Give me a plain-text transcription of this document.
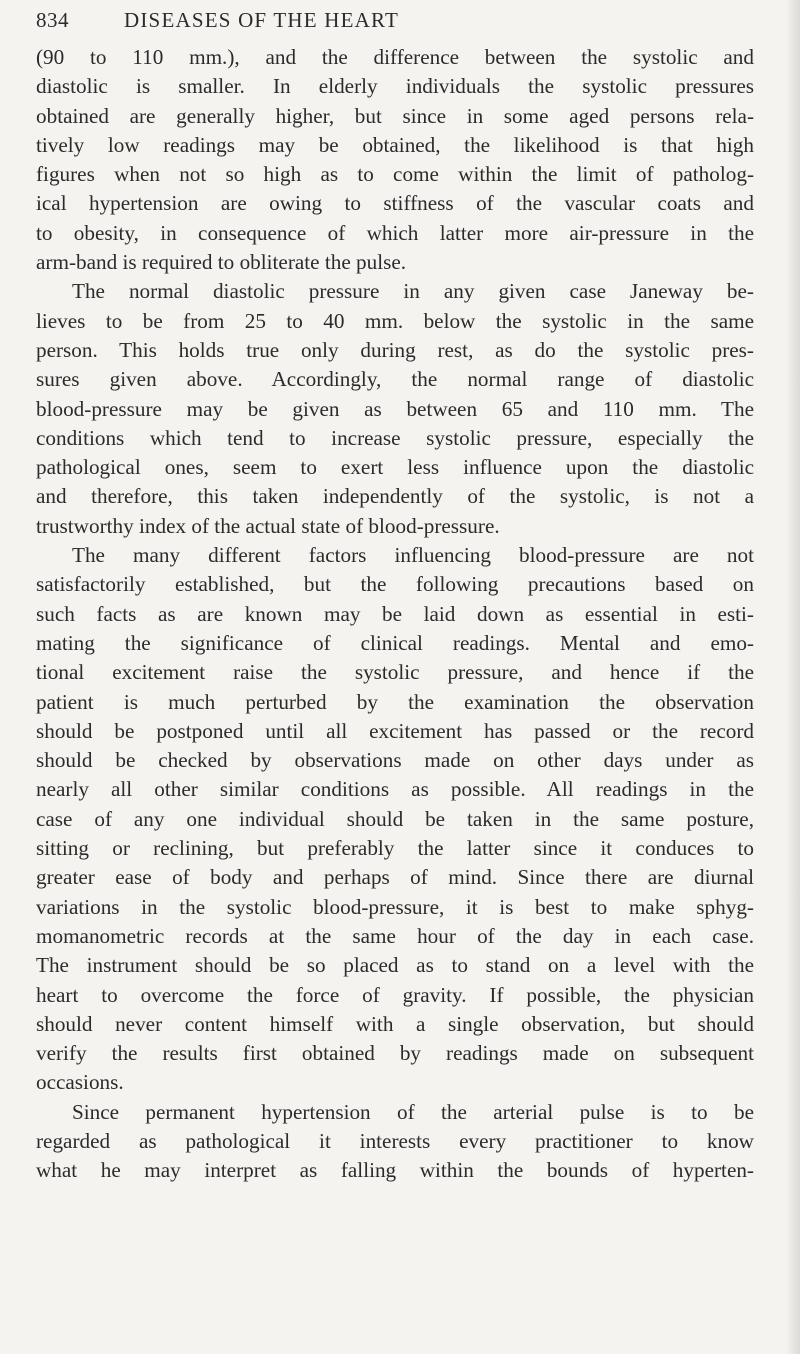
834	DISEASES OF THE HEART
(90 to 110 mm.), and the difference between the systolic and
diastolic is smaller. In elderly individuals the systolic pressures
obtained are generally higher, but since in some aged persons rela-
tively low readings may be obtained, the likelihood is that high
figures when not so high as to come within the limit of patholog-
ical hypertension are owing to stiffness of the vascular coats and
to obesity, in consequence of which latter more air-pressure in the
arm-band is required to obliterate the pulse.
The normal diastolic pressure in any given case Janeway be-
lieves to be from 25 to 40 mm. below the systolic in the same
person. This holds true only during rest, as do the systolic pres-
sures given above. Accordingly, the normal range of diastolic
blood-pressure may be given as between 65 and 110 mm. The
conditions which tend to increase systolic pressure, especially the
pathological ones, seem to exert less influence upon the diastolic
and therefore, this taken independently of the systolic, is not a
trustworthy index of the actual state of blood-pressure.
The many different factors influencing blood-pressure are not
satisfactorily established, but the following precautions based on
such facts as are known may be laid down as essential in esti-
mating the significance of clinical readings. Mental and emo-
tional excitement raise the systolic pressure, and hence if the
patient is much perturbed by the examination the observation
should be postponed until all excitement has passed or the record
should be checked by observations made on other days under as
nearly all other similar conditions as possible. All readings in the
case of any one individual should be taken in the same posture,
sitting or reclining, but preferably the latter since it conduces to
greater ease of body and perhaps of mind. Since there are diurnal
variations in the systolic blood-pressure, it is best to make sphyg-
momanometric records at the same hour of the day in each case.
The instrument should be so placed as to stand on a level with the
heart to overcome the force of gravity. If possible, the physician
should never content himself with a single observation, but should
verify the results first obtained by readings made on subsequent
occasions.
Since permanent hypertension of the arterial pulse is to be
regarded as pathological it interests every practitioner to know
what he may interpret as falling within the bounds of hyperten-
